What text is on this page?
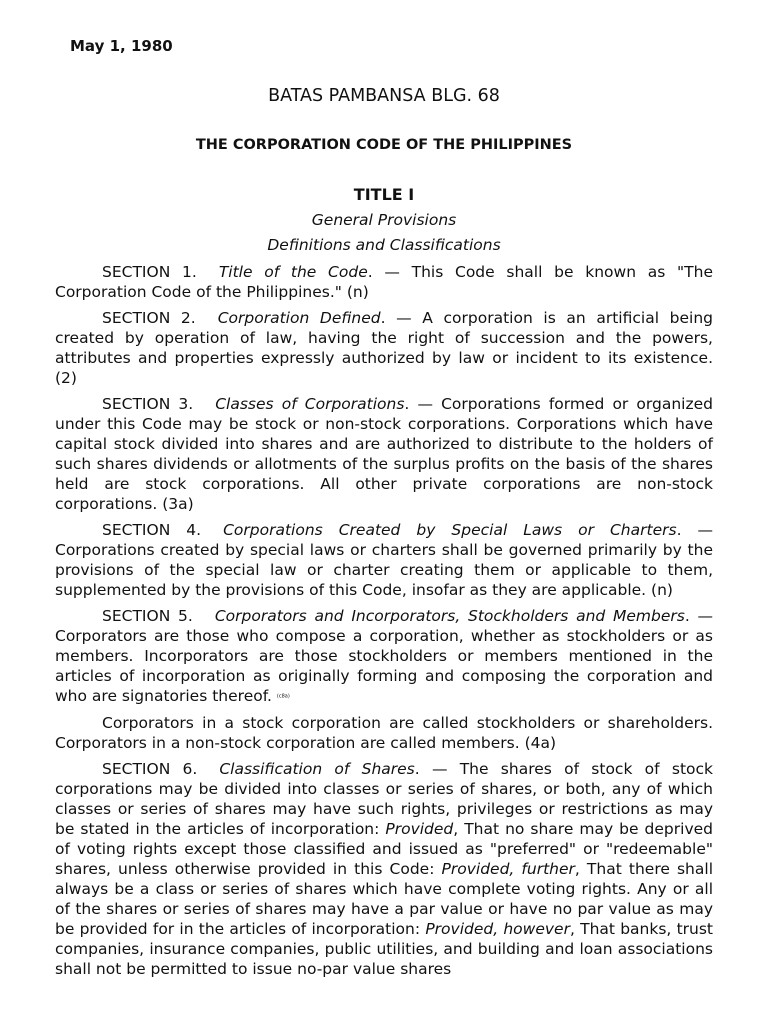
May 1, 1980
BATAS PAMBANSA BLG. 68
THE CORPORATION CODE OF THE PHILIPPINES
TITLE I
General Provisions
Definitions and Classifications

SECTION 1. Title of the Code. — This Code shall be known as "The Corporation Code of the Philippines." (n)

SECTION 2. Corporation Defined. — A corporation is an artificial being created by operation of law, having the right of succession and the powers, attributes and properties expressly authorized by law or incident to its existence. (2)

SECTION 3. Classes of Corporations. — Corporations formed or organized under this Code may be stock or non-stock corporations. Corporations which have capital stock divided into shares and are authorized to distribute to the holders of such shares dividends or allotments of the surplus profits on the basis of the shares held are stock corporations. All other private corporations are non-stock corporations. (3a)

SECTION 4. Corporations Created by Special Laws or Charters. — Corporations created by special laws or charters shall be governed primarily by the provisions of the special law or charter creating them or applicable to them, supplemented by the provisions of this Code, insofar as they are applicable. (n)

SECTION 5. Corporators and Incorporators, Stockholders and Members. — Corporators are those who compose a corporation, whether as stockholders or as members. Incorporators are those stockholders or members mentioned in the articles of incorporation as originally forming and composing the corporation and who are signatories thereof. (c8a)

Corporators in a stock corporation are called stockholders or shareholders. Corporators in a non-stock corporation are called members. (4a)

SECTION 6. Classification of Shares. — The shares of stock of stock corporations may be divided into classes or series of shares, or both, any of which classes or series of shares may have such rights, privileges or restrictions as may be stated in the articles of incorporation: Provided, That no share may be deprived of voting rights except those classified and issued as "preferred" or "redeemable" shares, unless otherwise provided in this Code: Provided, further, That there shall always be a class or series of shares which have complete voting rights. Any or all of the shares or series of shares may have a par value or have no par value as may be provided for in the articles of incorporation: Provided, however, That banks, trust companies, insurance companies, public utilities, and building and loan associations shall not be permitted to issue no-par value shares
